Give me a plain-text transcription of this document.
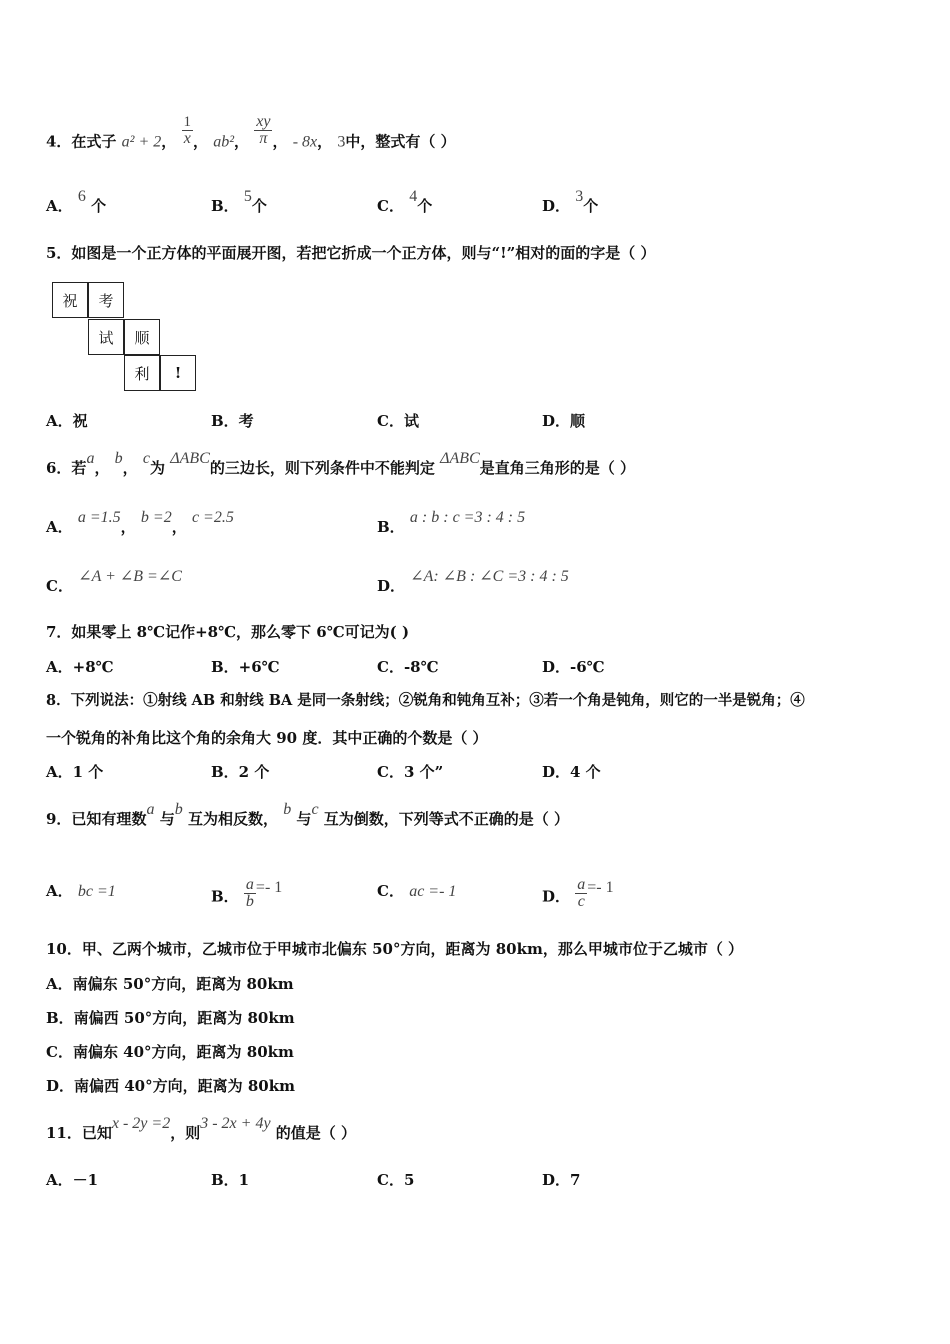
4．在式子 a² + 2， $\frac{1}{x}$ ， ab²， $\frac{xy}{\pi}$ ， - 8x， 3中，整式有（ ）
A． 6 个	B． 5个	C． 4个	D． 3个
5．如图是一个正方体的平面展开图，若把它折成一个正方体，则与“!”相对的面的字是（ ）
祝	考
试	顺
利	!
A．祝	B．考	C．试	D．顺
6．若a， b， c为 ΔABC的三边长，则下列条件中不能判定 ΔABC是直角三角形的是（ ）
A． a =1.5， b =2， c =2.5
B． a : b : c =3 : 4 : 5
C． ∠A + ∠B =∠C
D． ∠A: ∠B : ∠C =3 : 4 : 5
7．如果零上 8℃记作+8℃，那么零下 6℃可记为( )
A．+8℃	B．+6℃	C．-8℃	D．-6℃
8．下列说法：①射线 AB 和射线 BA 是同一条射线；②锐角和钝角互补；③若一个角是钝角，则它的一半是锐角；④
一个锐角的补角比这个角的余角大 90 度．其中正确的个数是（ ）
A．1 个	B．2 个	C．3 个”	D．4 个
9．已知有理数a 与b 互为相反数， b 与c 互为倒数，下列等式不正确的是（ ）
A． bc =1	B． $\frac{a}{b} =- 1$	C． ac =- 1	D． $\frac{a}{c} =- 1$
10．甲、乙两个城市，乙城市位于甲城市北偏东 50°方向，距离为 80km，那么甲城市位于乙城市（ ）
A．南偏东 50°方向，距离为 80km
B．南偏西 50°方向，距离为 80km
C．南偏东 40°方向，距离为 80km
D．南偏西 40°方向，距离为 80km
11．已知x - 2y =2，则3 - 2x + 4y 的值是（ ）
A．－1	B．1	C．5	D．7
